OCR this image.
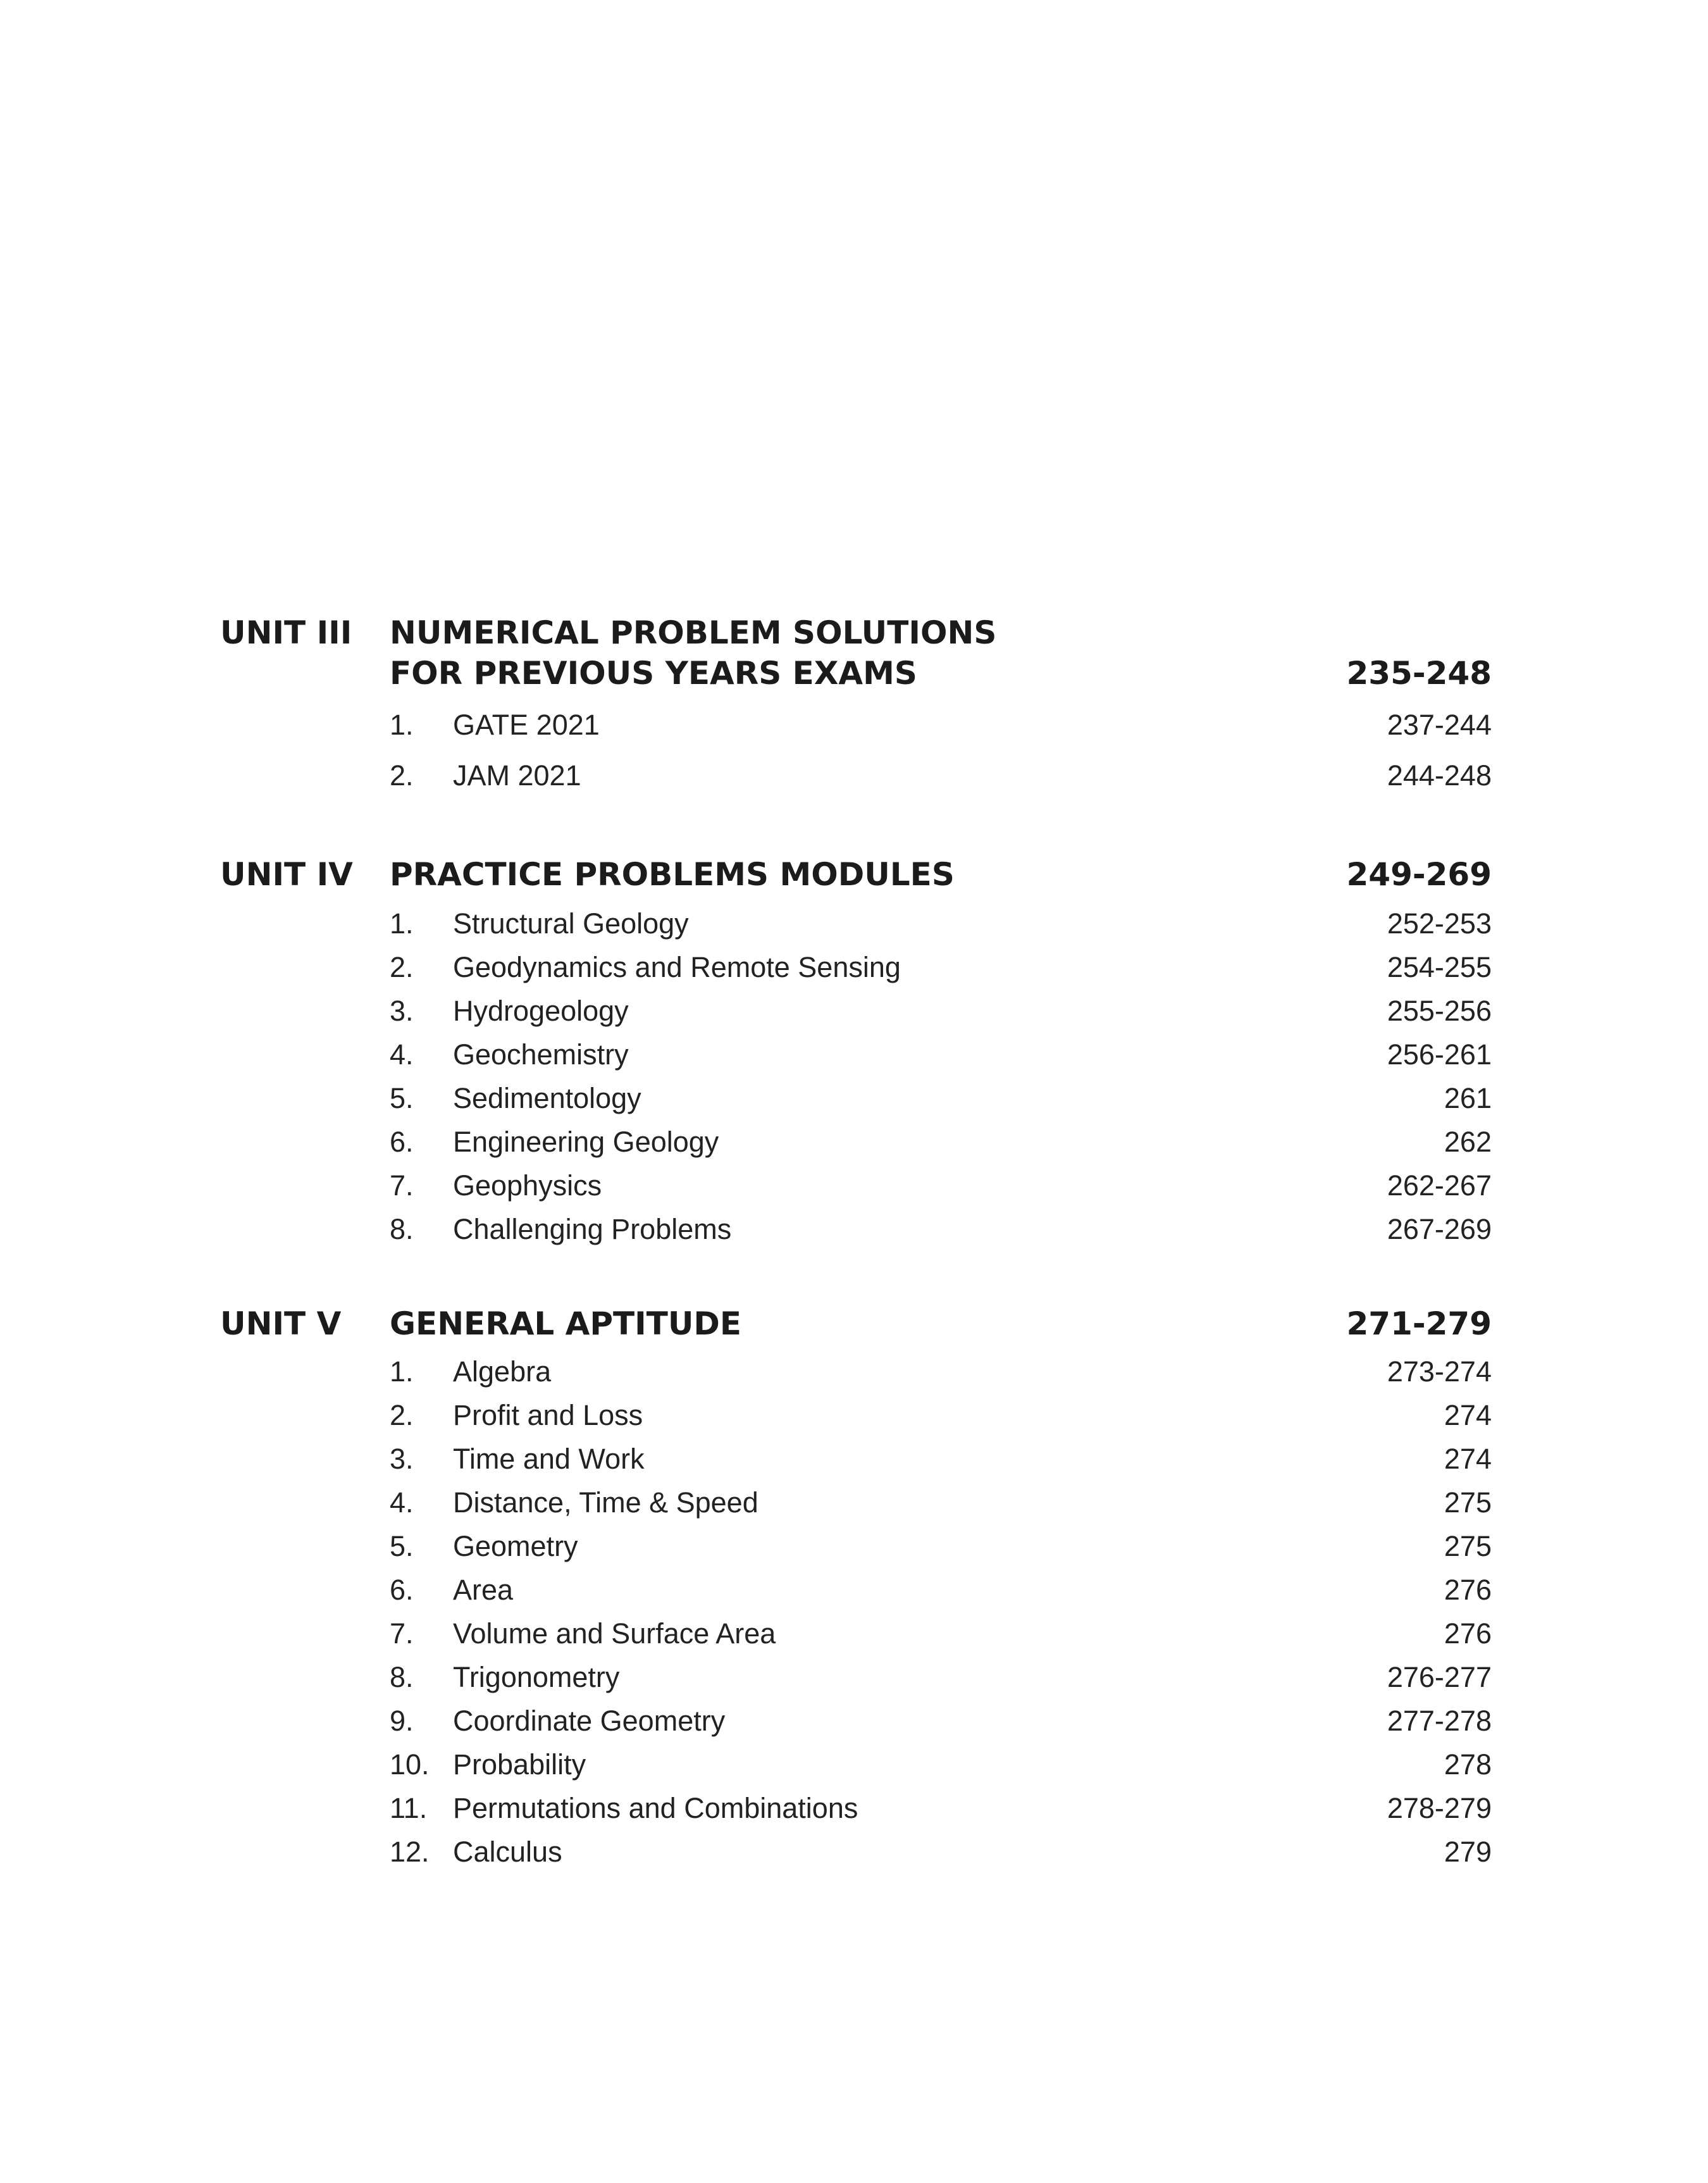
UNIT III NUMERICAL PROBLEM SOLUTIONS
FOR PREVIOUS YEARS EXAMS	235-248
1. GATE 2021	237-244
2. JAM 2021	244-248
UNIT IV PRACTICE PROBLEMS MODULES	249-269
1. Structural Geology	252-253
2. Geodynamics and Remote Sensing	254-255
3. Hydrogeology	255-256
4. Geochemistry	256-261
5. Sedimentology	261
6. Engineering Geology	262
7. Geophysics	262-267
8. Challenging Problems	267-269
UNIT V GENERAL APTITUDE	271-279
1. Algebra	273-274
2. Profit and Loss	274
3. Time and Work	274
4. Distance, Time & Speed	275
5. Geometry	275
6. Area	276
7. Volume and Surface Area	276
8. Trigonometry	276-277
9. Coordinate Geometry	277-278
10. Probability	278
11. Permutations and Combinations	278-279
12. Calculus	279
